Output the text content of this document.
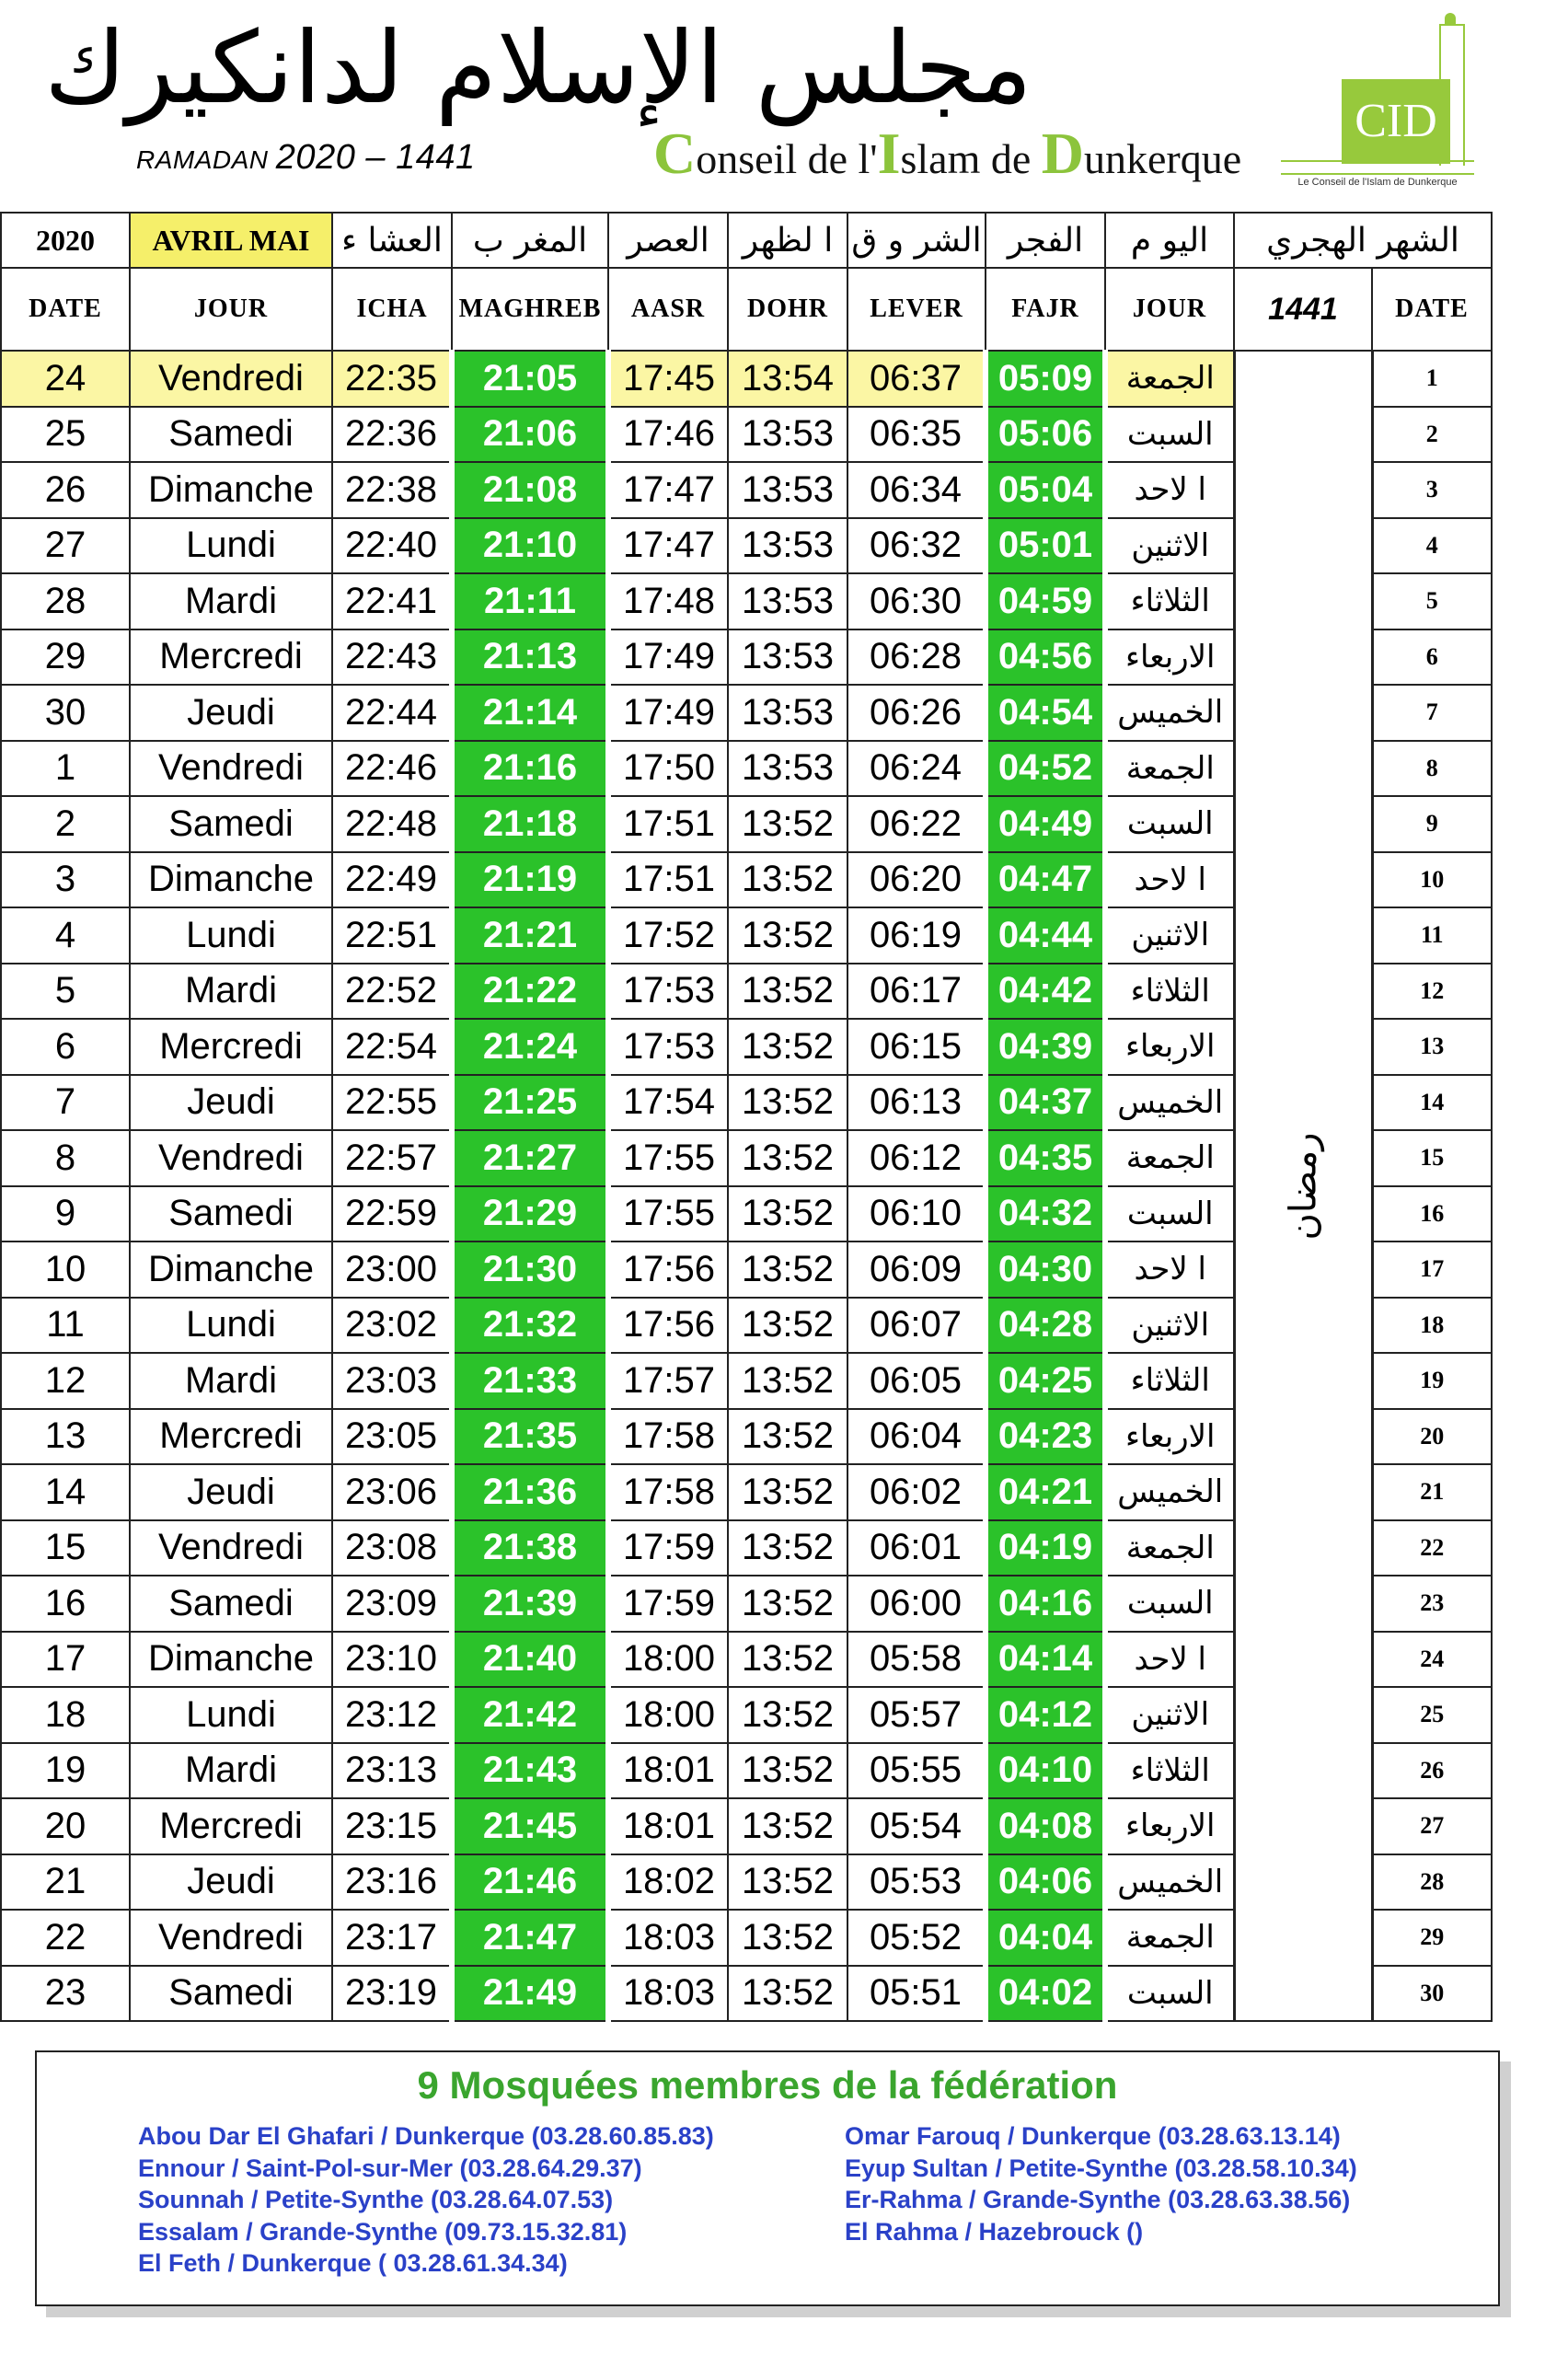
مجلس الإسلام لدانكيرك
RAMADAN 2020 – 1441	Conseil de l'Islam de Dunkerque
CID
Le Conseil de l'Islam de Dunkerque
2020	AVRIL MAI	العشا ء	المغر ب	العصر	ا لظهر	الشر و ق	الفجر	اليو م	الشهر الهجري	
DATE	JOUR	ICHA	MAGHREB	AASR	DOHR	LEVER	FAJR	JOUR	1441	DATE
24	Vendredi	22:35	21:05	17:45	13:54	06:37	05:09	الجمعة	رمضان	1
25	Samedi	22:36	21:06	17:46	13:53	06:35	05:06	السبت		2
26	Dimanche	22:38	21:08	17:47	13:53	06:34	05:04	ا لاحد		3
27	Lundi	22:40	21:10	17:47	13:53	06:32	05:01	الاثنين		4
28	Mardi	22:41	21:11	17:48	13:53	06:30	04:59	الثلاثاء		5
29	Mercredi	22:43	21:13	17:49	13:53	06:28	04:56	الاربعاء		6
30	Jeudi	22:44	21:14	17:49	13:53	06:26	04:54	الخميس		7
1	Vendredi	22:46	21:16	17:50	13:53	06:24	04:52	الجمعة		8
2	Samedi	22:48	21:18	17:51	13:52	06:22	04:49	السبت		9
3	Dimanche	22:49	21:19	17:51	13:52	06:20	04:47	ا لاحد		10
4	Lundi	22:51	21:21	17:52	13:52	06:19	04:44	الاثنين		11
5	Mardi	22:52	21:22	17:53	13:52	06:17	04:42	الثلاثاء		12
6	Mercredi	22:54	21:24	17:53	13:52	06:15	04:39	الاربعاء		13
7	Jeudi	22:55	21:25	17:54	13:52	06:13	04:37	الخميس		14
8	Vendredi	22:57	21:27	17:55	13:52	06:12	04:35	الجمعة		15
9	Samedi	22:59	21:29	17:55	13:52	06:10	04:32	السبت		16
10	Dimanche	23:00	21:30	17:56	13:52	06:09	04:30	ا لاحد		17
11	Lundi	23:02	21:32	17:56	13:52	06:07	04:28	الاثنين		18
12	Mardi	23:03	21:33	17:57	13:52	06:05	04:25	الثلاثاء		19
13	Mercredi	23:05	21:35	17:58	13:52	06:04	04:23	الاربعاء		20
14	Jeudi	23:06	21:36	17:58	13:52	06:02	04:21	الخميس		21
15	Vendredi	23:08	21:38	17:59	13:52	06:01	04:19	الجمعة		22
16	Samedi	23:09	21:39	17:59	13:52	06:00	04:16	السبت		23
17	Dimanche	23:10	21:40	18:00	13:52	05:58	04:14	ا لاحد		24
18	Lundi	23:12	21:42	18:00	13:52	05:57	04:12	الاثنين		25
19	Mardi	23:13	21:43	18:01	13:52	05:55	04:10	الثلاثاء		26
20	Mercredi	23:15	21:45	18:01	13:52	05:54	04:08	الاربعاء		27
21	Jeudi	23:16	21:46	18:02	13:52	05:53	04:06	الخميس		28
22	Vendredi	23:17	21:47	18:03	13:52	05:52	04:04	الجمعة		29
23	Samedi	23:19	21:49	18:03	13:52	05:51	04:02	السبت		30
9 Mosquées membres de la fédération
Abou Dar El Ghafari / Dunkerque (03.28.60.85.83)
Ennour / Saint-Pol-sur-Mer (03.28.64.29.37)
Sounnah / Petite-Synthe (03.28.64.07.53)
Essalam / Grande-Synthe (09.73.15.32.81)
El Feth / Dunkerque ( 03.28.61.34.34)
Omar Farouq / Dunkerque (03.28.63.13.14)
Eyup Sultan / Petite-Synthe (03.28.58.10.34)
Er-Rahma / Grande-Synthe (03.28.63.38.56)
El Rahma / Hazebrouck ()
